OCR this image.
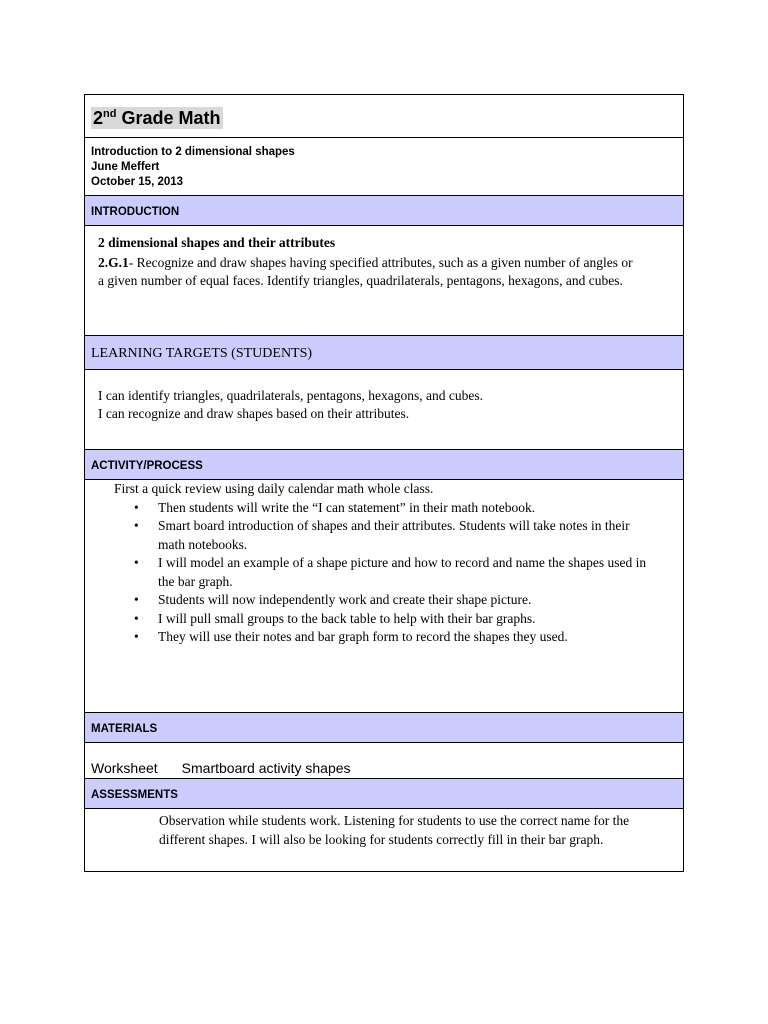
2nd Grade Math
Introduction to 2 dimensional shapes
June Meffert
October 15, 2013
INTRODUCTION
2 dimensional shapes and their attributes
2.G.1- Recognize and draw shapes having specified attributes, such as a given number of angles or a given number of equal faces. Identify triangles, quadrilaterals, pentagons, hexagons, and cubes.
LEARNING TARGETS (STUDENTS)
I can identify triangles, quadrilaterals, pentagons, hexagons, and cubes.
I can recognize and draw shapes based on their attributes.
ACTIVITY/PROCESS
First a quick review using daily calendar math whole class.
• Then students will write the “I can statement” in their math notebook.
• Smart board introduction of shapes and their attributes. Students will take notes in their math notebooks.
• I will model an example of a shape picture and how to record and name the shapes used in the bar graph.
• Students will now independently work and create their shape picture.
• I will pull small groups to the back table to help with their bar graphs.
• They will use their notes and bar graph form to record the shapes they used.
MATERIALS
Worksheet Smartboard activity shapes
ASSESSMENTS
Observation while students work. Listening for students to use the correct name for the different shapes. I will also be looking for students correctly fill in their bar graph.
